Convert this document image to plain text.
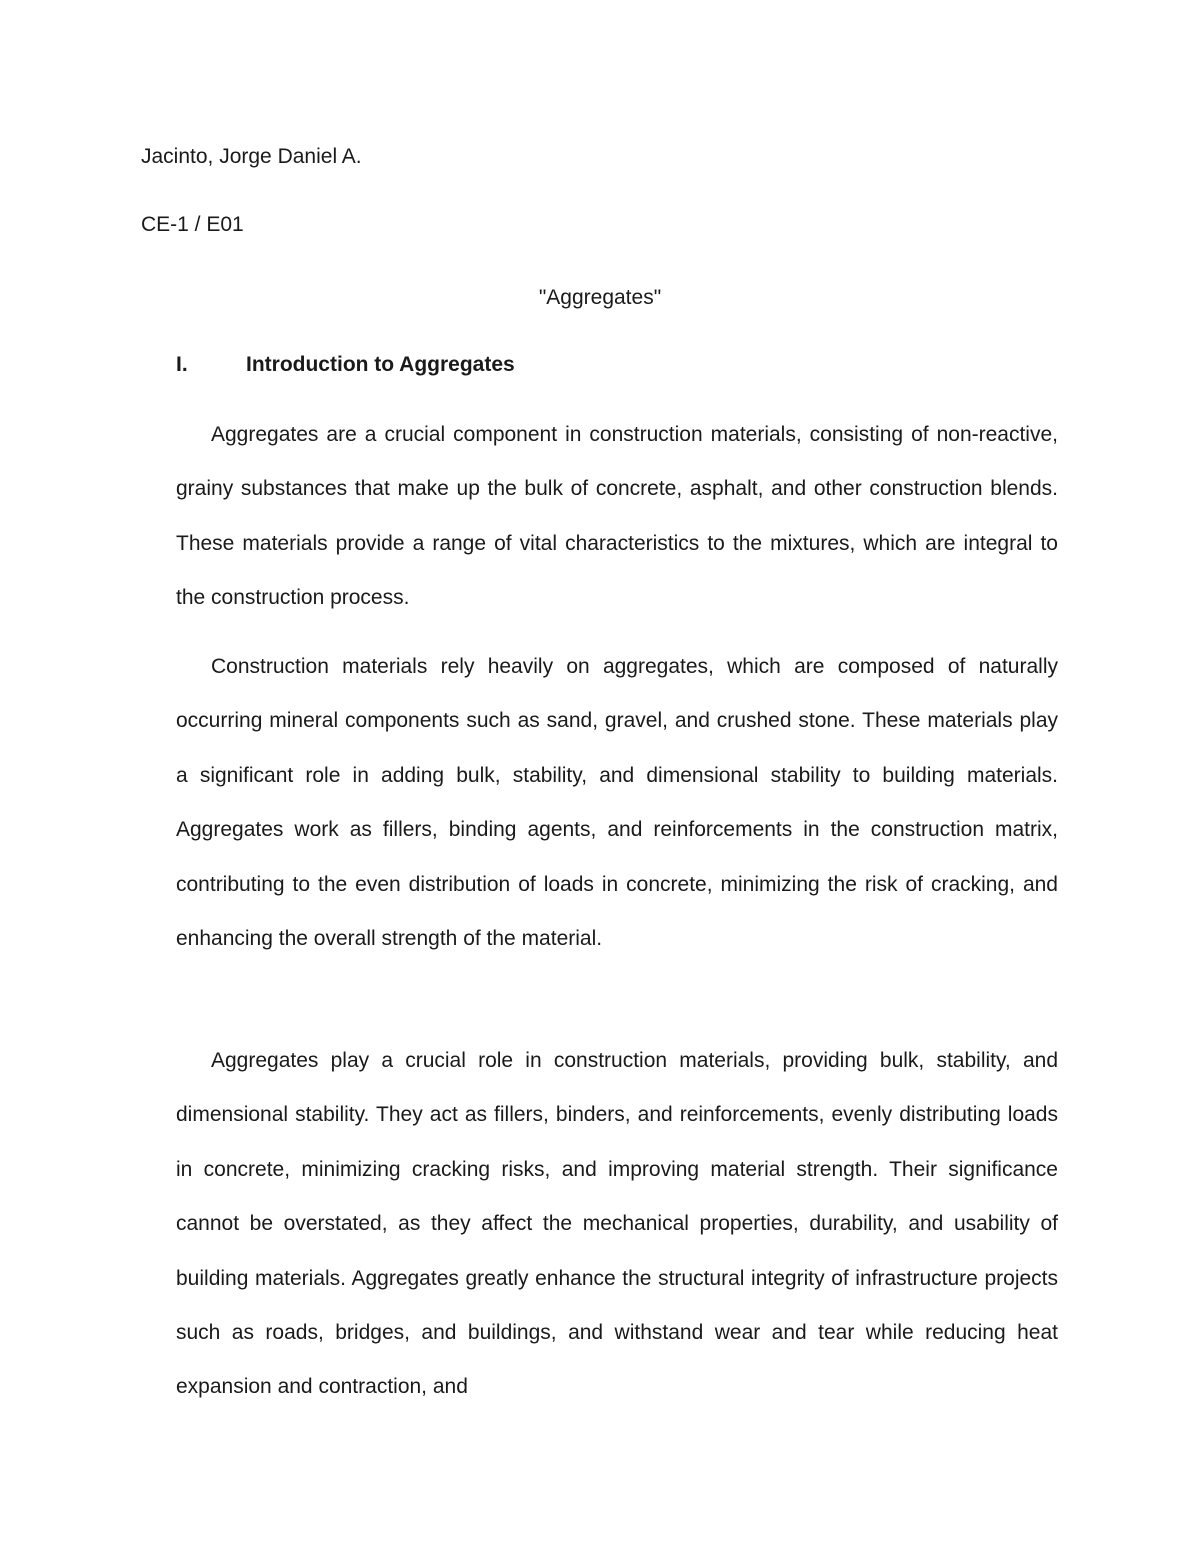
Jacinto, Jorge Daniel A.
CE-1 / E01
"Aggregates"
I.	Introduction to Aggregates

Aggregates are a crucial component in construction materials, consisting of non-reactive, grainy substances that make up the bulk of concrete, asphalt, and other construction blends. These materials provide a range of vital characteristics to the mixtures, which are integral to the construction process.

Construction materials rely heavily on aggregates, which are composed of naturally occurring mineral components such as sand, gravel, and crushed stone. These materials play a significant role in adding bulk, stability, and dimensional stability to building materials. Aggregates work as fillers, binding agents, and reinforcements in the construction matrix, contributing to the even distribution of loads in concrete, minimizing the risk of cracking, and enhancing the overall strength of the material.

Aggregates play a crucial role in construction materials, providing bulk, stability, and dimensional stability. They act as fillers, binders, and reinforcements, evenly distributing loads in concrete, minimizing cracking risks, and improving material strength. Their significance cannot be overstated, as they affect the mechanical properties, durability, and usability of building materials. Aggregates greatly enhance the structural integrity of infrastructure projects such as roads, bridges, and buildings, and withstand wear and tear while reducing heat expansion and contraction, and
